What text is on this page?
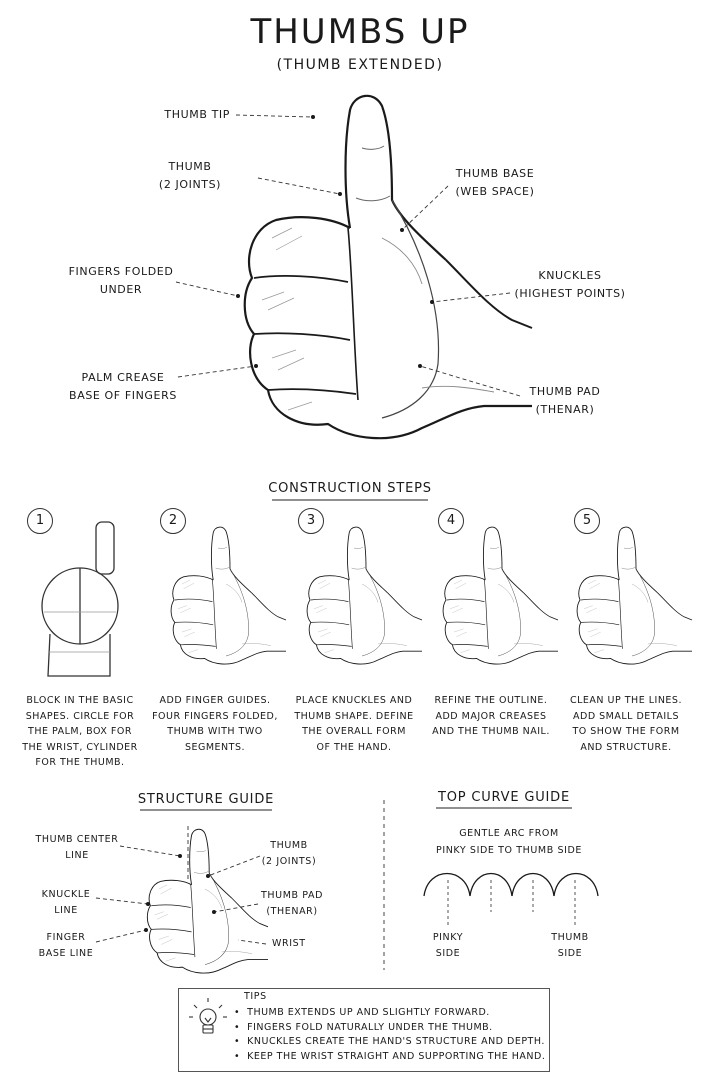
THUMBS UP
(THUMB EXTENDED)
THUMB TIP
THUMB
(2 JOINTS)
THUMB BASE
(WEB SPACE)
FINGERS FOLDED
UNDER
KNUCKLES
(HIGHEST POINTS)
PALM CREASE
BASE OF FINGERS	THUMB PAD
(THENAR)
CONSTRUCTION STEPS
1	2	3	4	5
BLOCK IN THE BASIC
SHAPES. CIRCLE FOR
THE PALM, BOX FOR
THE WRIST, CYLINDER
FOR THE THUMB.
ADD FINGER GUIDES.
FOUR FINGERS FOLDED,
THUMB WITH TWO
SEGMENTS.
PLACE KNUCKLES AND
THUMB SHAPE. DEFINE
THE OVERALL FORM
OF THE HAND.
REFINE THE OUTLINE.
ADD MAJOR CREASES
AND THE THUMB NAIL.
CLEAN UP THE LINES.
ADD SMALL DETAILS
TO SHOW THE FORM
AND STRUCTURE.
STRUCTURE GUIDE
THUMB CENTER
LINE
KNUCKLE
LINE
FINGER
BASE LINE
THUMB
(2 JOINTS)
THUMB PAD
(THENAR)
WRIST
TOP CURVE GUIDE
GENTLE ARC FROM
PINKY SIDE TO THUMB SIDE
PINKY
SIDE
THUMB
SIDE
TIPS
• THUMB EXTENDS UP AND SLIGHTLY FORWARD.
• FINGERS FOLD NATURALLY UNDER THE THUMB.
• KNUCKLES CREATE THE HAND'S STRUCTURE AND DEPTH.
• KEEP THE WRIST STRAIGHT AND SUPPORTING THE HAND.
